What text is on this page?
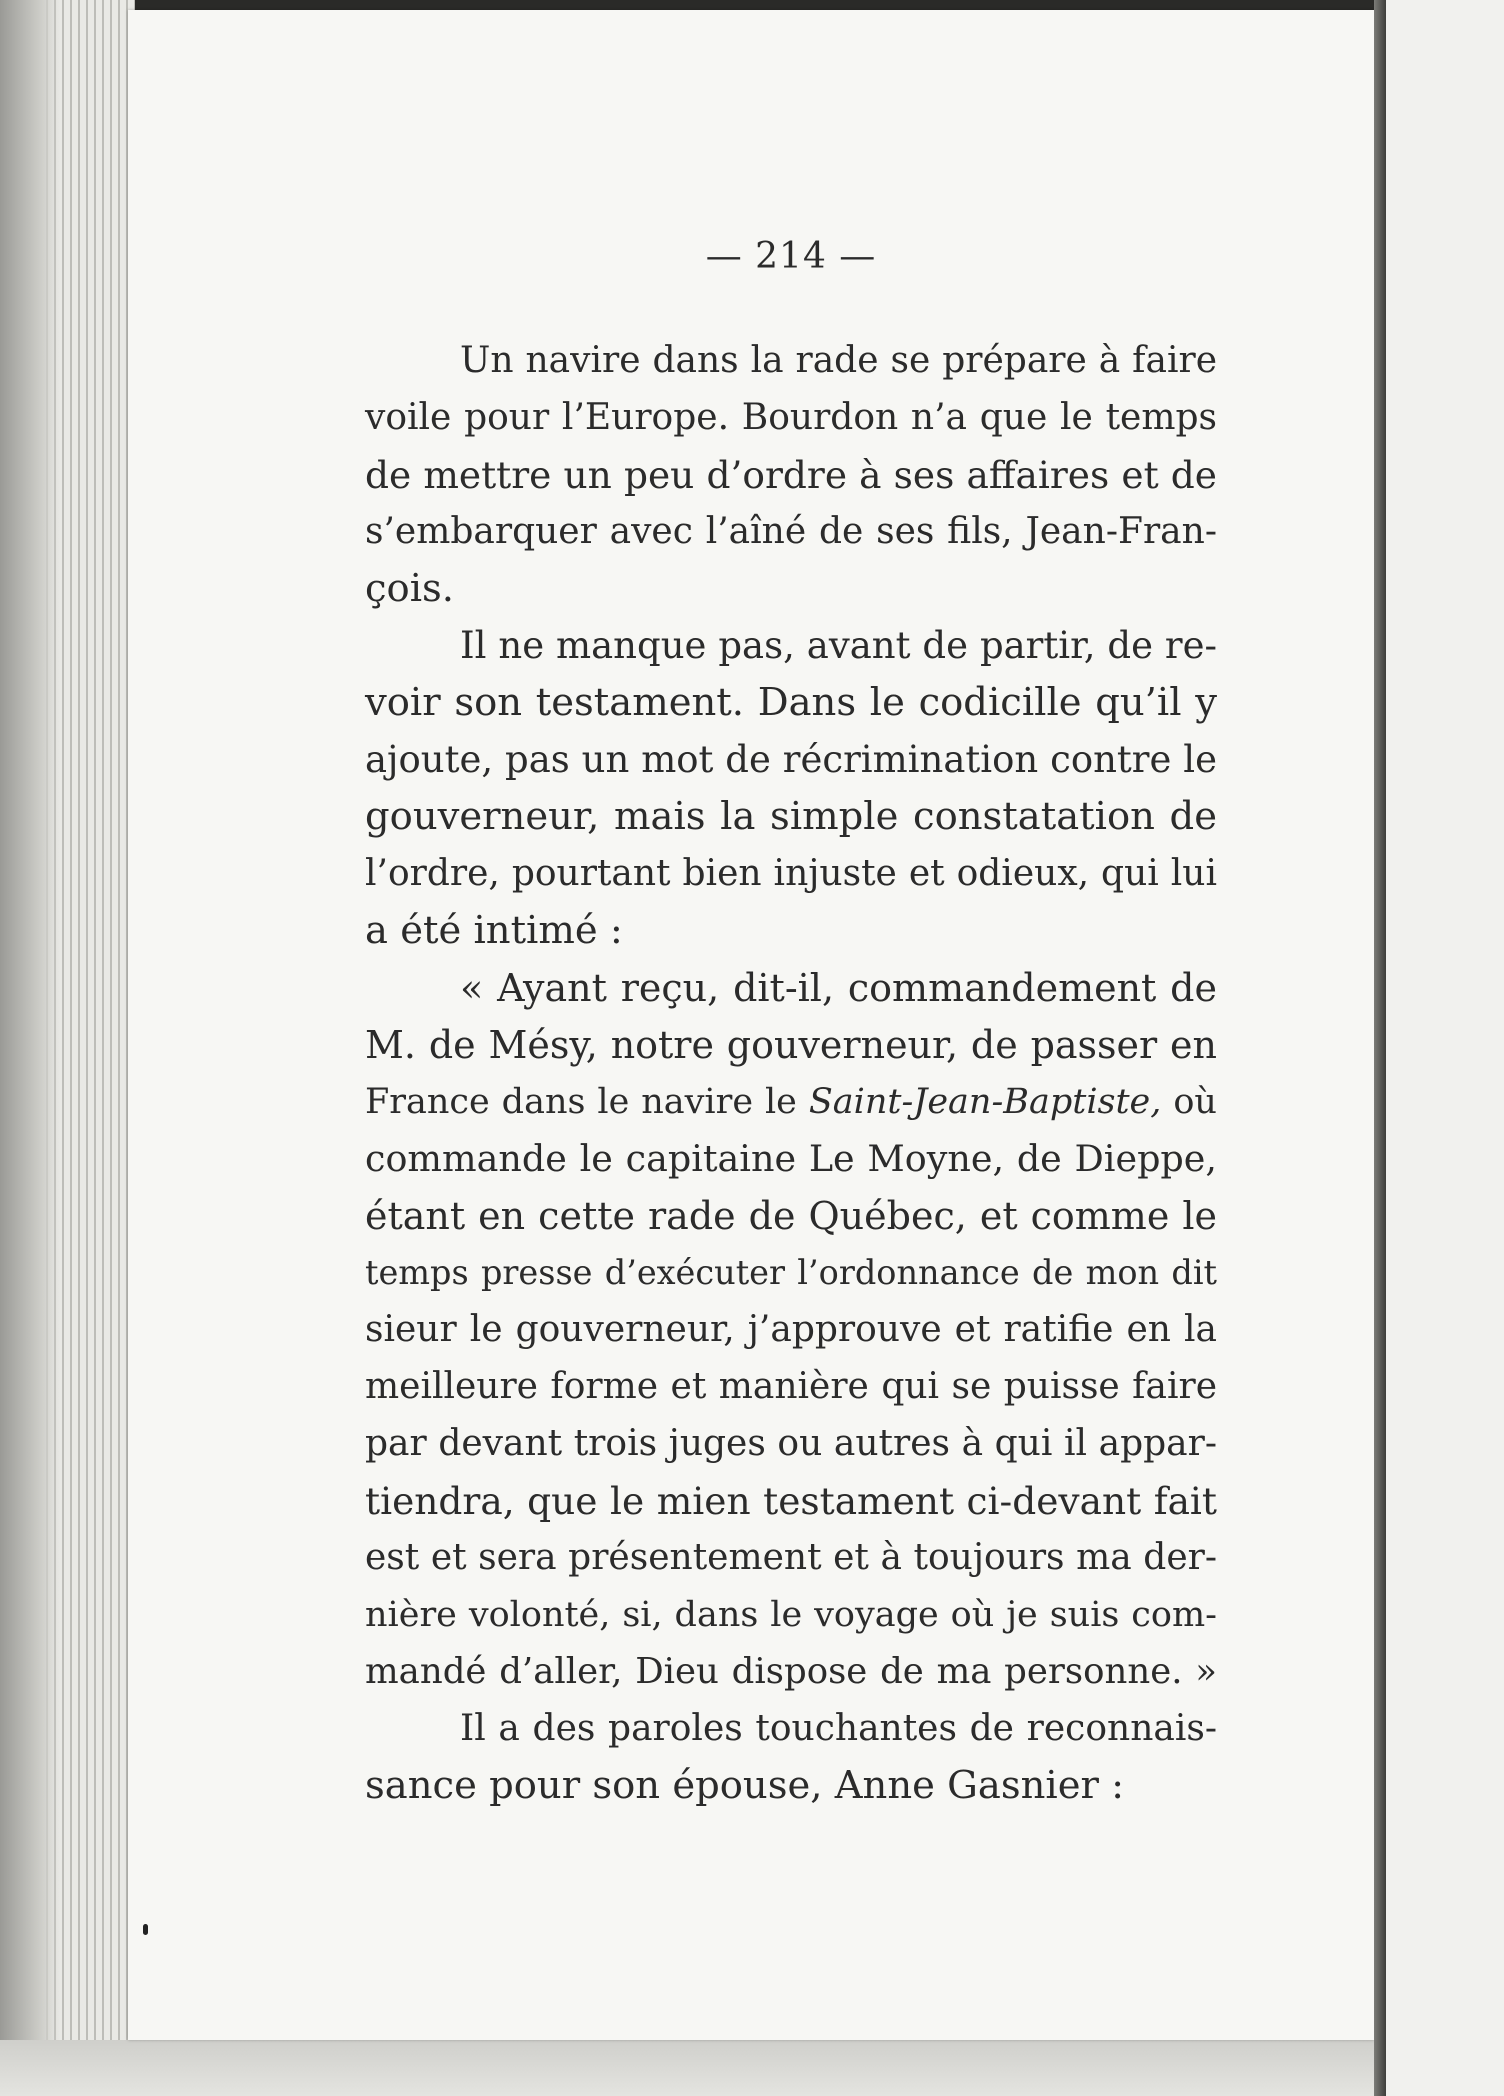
— 214 —
Un navire dans la rade se prépare à faire
voile pour l’Europe. Bourdon n’a que le temps
de mettre un peu d’ordre à ses affaires et de
s’embarquer avec l’aîné de ses fils, Jean-Fran-
çois.
Il ne manque pas, avant de partir, de re-
voir son testament. Dans le codicille qu’il y
ajoute, pas un mot de récrimination contre le
gouverneur, mais la simple constatation de
l’ordre, pourtant bien injuste et odieux, qui lui
a été intimé :
« Ayant reçu, dit-il, commandement de
M. de Mésy, notre gouverneur, de passer en
France dans le navire le Saint-Jean-Baptiste, où
commande le capitaine Le Moyne, de Dieppe,
étant en cette rade de Québec, et comme le
temps presse d’exécuter l’ordonnance de mon dit
sieur le gouverneur, j’approuve et ratifie en la
meilleure forme et manière qui se puisse faire
par devant trois juges ou autres à qui il appar-
tiendra, que le mien testament ci-devant fait
est et sera présentement et à toujours ma der-
nière volonté, si, dans le voyage où je suis com-
mandé d’aller, Dieu dispose de ma personne. »
Il a des paroles touchantes de reconnais-
sance pour son épouse, Anne Gasnier :
